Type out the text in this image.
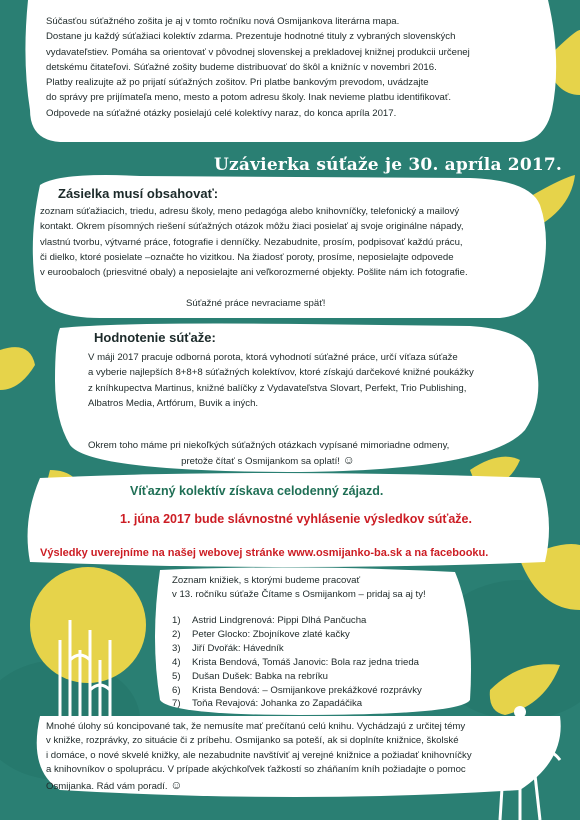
Súčasťou súťažného zošita je aj v tomto ročníku nová Osmijankova literárna mapa.
Dostane ju každý súťažiaci kolektív zdarma. Prezentuje hodnotné tituly z vybraných slovenských
vydavateľstiev. Pomáha sa orientovať v pôvodnej slovenskej a prekladovej knižnej produkcii určenej
detskému čitateľovi. Súťažné zošity budeme distribuovať do škôl a knižníc v novembri 2016.
Platby realizujte až po prijatí súťažných zošitov. Pri platbe bankovým prevodom, uvádzajte
do správy pre prijímateľa meno, mesto a potom adresu školy. Inak nevieme platbu identifikovať.
Odpovede na súťažné otázky posielajú celé kolektívy naraz, do konca apríla 2017.

Uzávierka súťaže je 30. apríla 2017.

Zásielka musí obsahovať:

zoznam súťažiacich, triedu, adresu školy, meno pedagóga alebo knihovníčky, telefonický a mailový
kontakt. Okrem písomných riešení súťažných otázok môžu žiaci posielať aj svoje originálne nápady,
vlastnú tvorbu, výtvarné práce, fotografie i denníčky. Nezabudnite, prosím, podpisovať každú prácu,
či dielko, ktoré posielate –označte ho vizitkou. Na žiadosť poroty, prosíme, neposielajte odpovede
v euroobaloch (priesvitné obaly) a neposielajte ani veľkorozmerné objekty. Pošlite nám ich fotografie.

Súťažné práce nevraciame späť!

Hodnotenie súťaže:

V máji 2017 pracuje odborná porota, ktorá vyhodnotí súťažné práce, určí víťaza súťaže
a vyberie najlepších 8+8+8 súťažných kolektívov, ktoré získajú darčekové knižné poukážky
z kníhkupectva Martinus, knižné balíčky z Vydavateľstva Slovart, Perfekt, Trio Publishing,
Albatros Media, Artfórum, Buvik a iných.
Okrem toho máme pri niekoľkých súťažných otázkach vypísané mimoriadne odmeny,
pretože čítať s Osmijankom sa oplatí! ☺

Víťazný kolektív získava celodenný zájazd.

1. júna 2017 bude slávnostné vyhlásenie výsledkov súťaže.

Výsledky uverejníme na našej webovej stránke www.osmijanko-ba.sk a na facebooku.

Zoznam knižiek, s ktorými budeme pracovať
v 13. ročníku súťaže Čítame s Osmijankom – pridaj sa aj ty!
1) Astrid Lindgrenová: Pippi Dlhá Pančucha
2) Peter Glocko: Zbojníkove zlaté kačky
3) Jiří Dvořák: Hávedník
4) Krista Bendová, Tomáš Janovic: Bola raz jedna trieda
5) Dušan Dušek: Babka na rebríku
6) Krista Bendová: – Osmijankove prekážkové rozprávky
7) Toňa Revajová: Johanka zo Zapadáčika
Mnohé úlohy sú koncipované tak, že nemusíte mať prečítanú celú knihu. Vychádzajú z určitej témy
v knižke, rozprávky, zo situácie či z príbehu. Osmijanko sa poteší, ak si doplníte knižnice, školské
i domáce, o nové skvelé knižky, ale nezabudnite navštíviť aj verejné knižnice a požiadať knihovníčky
a knihovníkov o spoluprácu. V prípade akýchkoľvek ťažkostí so zháňaním kníh požiadajte o pomoc
Osmijanka. Rád vám poradí. ☺
